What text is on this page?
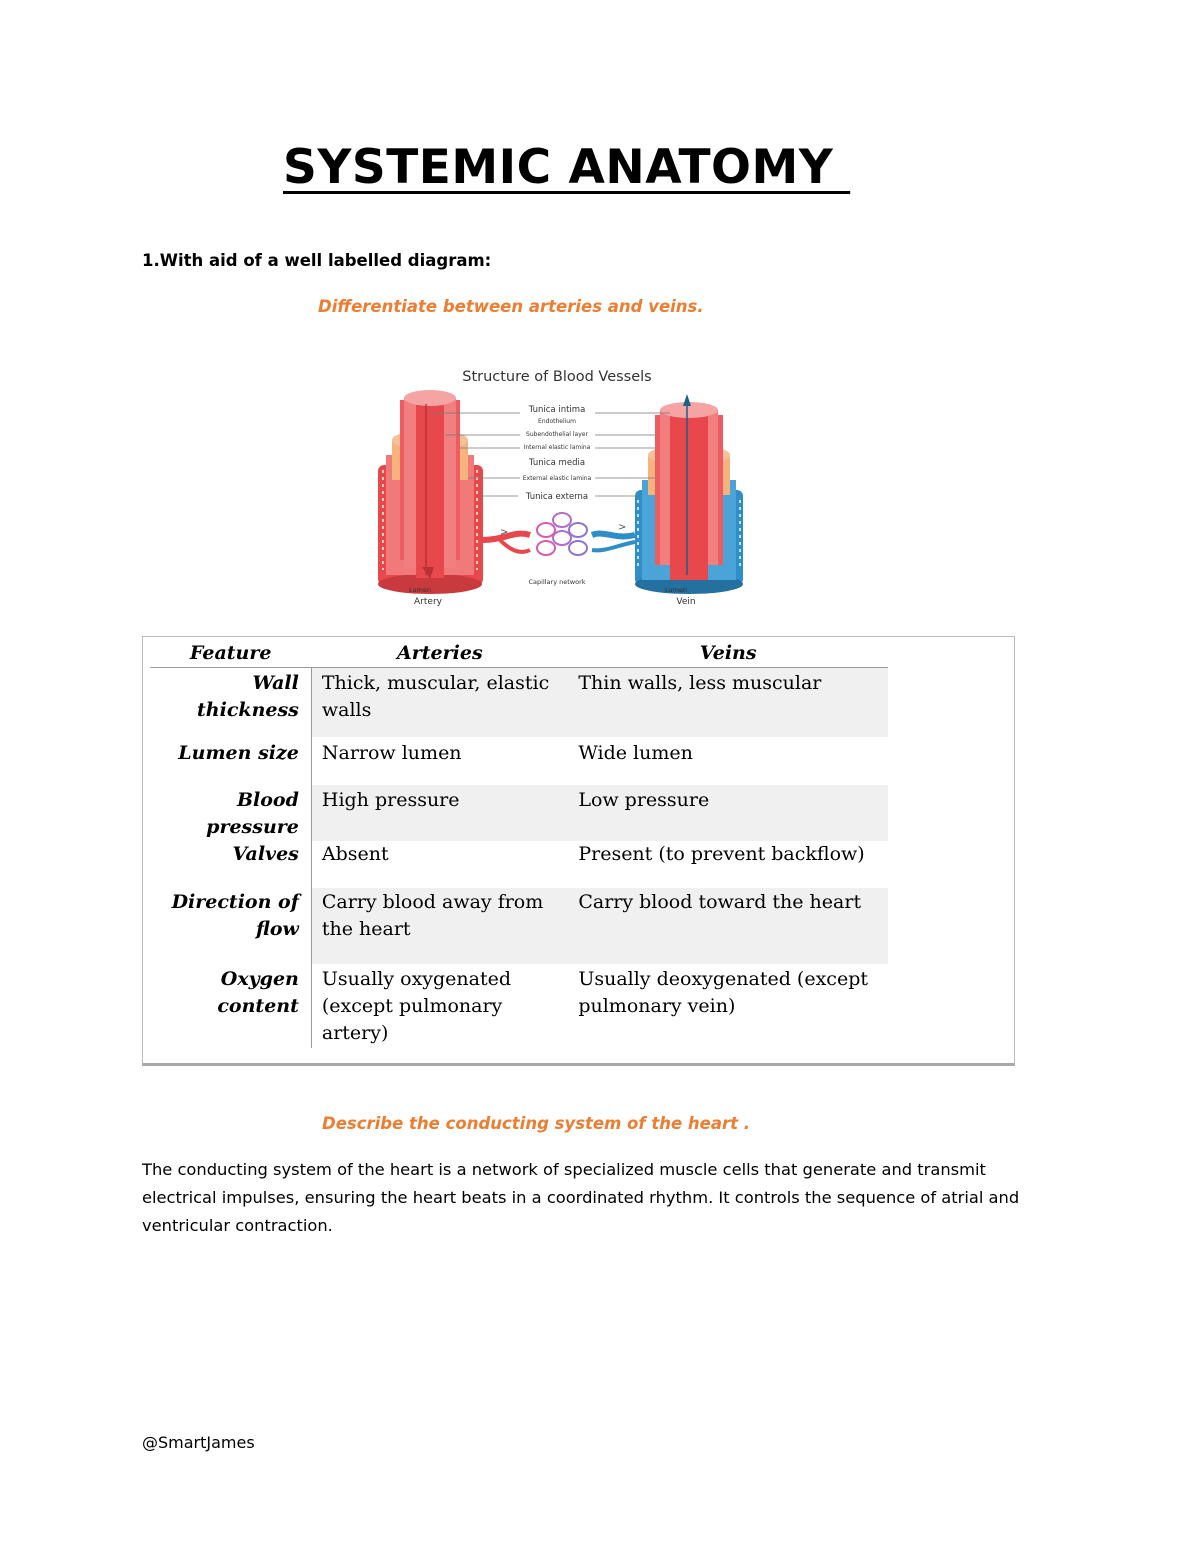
SYSTEMIC ANATOMY

1.With aid of a well labelled diagram:

Differentiate between arteries and veins.

Structure of Blood Vessels
>	>
Tunica intima
Endothelium
Subendothelial layer
Internal elastic lamina
Tunica media
External elastic lamina
Tunica externa
Capillary network
Lumen
Artery
Lumen
Vein
Feature	Arteries	Veins
Wall thickness	Thick, muscular, elastic walls	Thin walls, less muscular
Lumen size	Narrow lumen	Wide lumen
Blood pressure	High pressure	Low pressure
Valves	Absent	Present (to prevent backflow)
Direction of flow	Carry blood away from the heart	Carry blood toward the heart
Oxygen content	Usually oxygenated (except pulmonary artery)	Usually deoxygenated (except pulmonary vein)

Describe the conducting system of the heart .

The conducting system of the heart is a network of specialized muscle cells that generate and transmit electrical impulses, ensuring the heart beats in a coordinated rhythm. It controls the sequence of atrial and ventricular contraction.

@SmartJames
